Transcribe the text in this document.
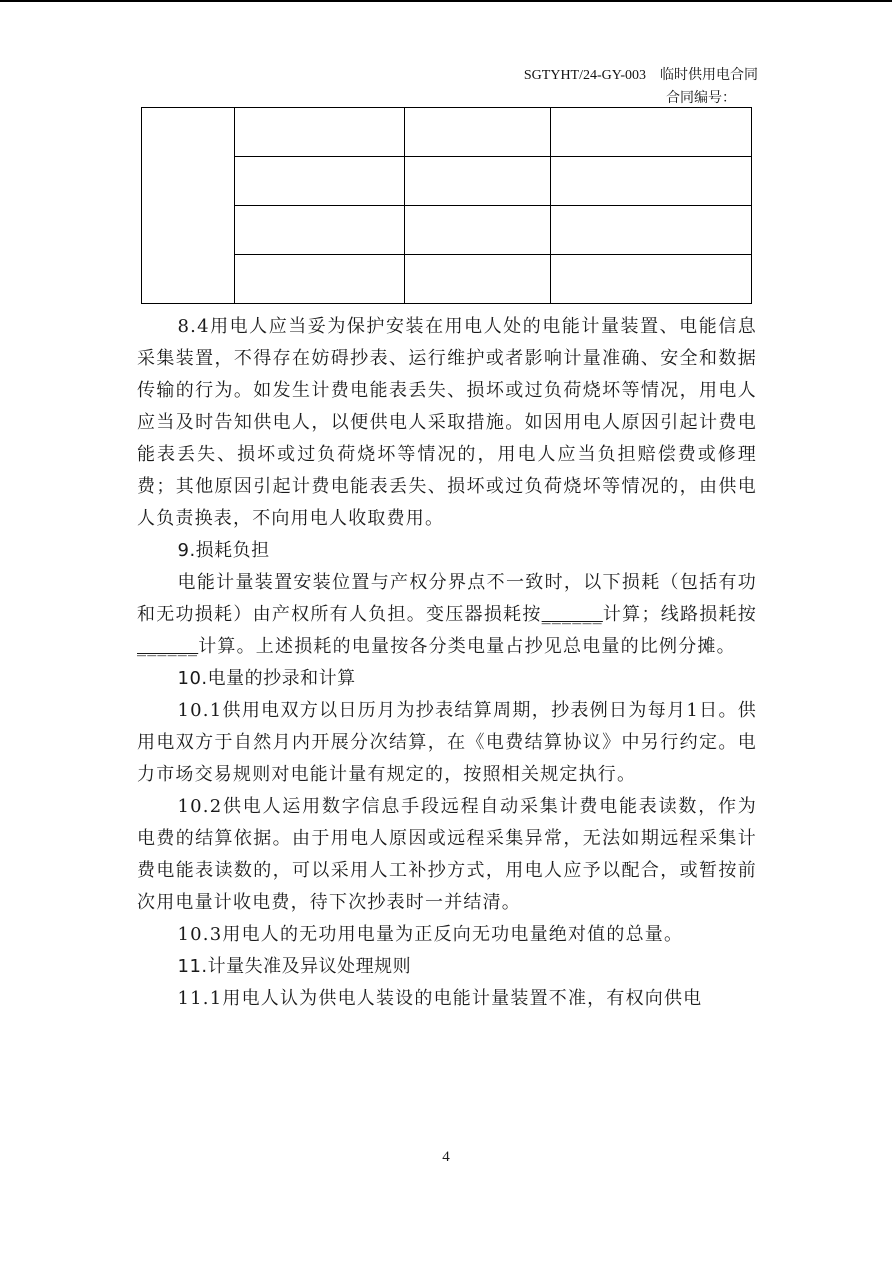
SGTYHT/24-GY-003 临时供用电合同
合同编号：

8.4用电人应当妥为保护安装在用电人处的电能计量装置、电能信息采集装置，不得存在妨碍抄表、运行维护或者影响计量准确、安全和数据传输的行为。如发生计费电能表丢失、损坏或过负荷烧坏等情况，用电人应当及时告知供电人，以便供电人采取措施。如因用电人原因引起计费电能表丢失、损坏或过负荷烧坏等情况的，用电人应当负担赔偿费或修理费；其他原因引起计费电能表丢失、损坏或过负荷烧坏等情况的，由供电人负责换表，不向用电人收取费用。

9.损耗负担

电能计量装置安装位置与产权分界点不一致时，以下损耗（包括有功和无功损耗）由产权所有人负担。变压器损耗按______计算；线路损耗按______计算。上述损耗的电量按各分类电量占抄见总电量的比例分摊。

10.电量的抄录和计算

10.1供用电双方以日历月为抄表结算周期，抄表例日为每月1日。供用电双方于自然月内开展分次结算，在《电费结算协议》中另行约定。电力市场交易规则对电能计量有规定的，按照相关规定执行。

10.2供电人运用数字信息手段远程自动采集计费电能表读数，作为电费的结算依据。由于用电人原因或远程采集异常，无法如期远程采集计费电能表读数的，可以采用人工补抄方式，用电人应予以配合，或暂按前次用电量计收电费，待下次抄表时一并结清。

10.3用电人的无功用电量为正反向无功电量绝对值的总量。

11.计量失准及异议处理规则

11.1用电人认为供电人装设的电能计量装置不准，有权向供电

4
